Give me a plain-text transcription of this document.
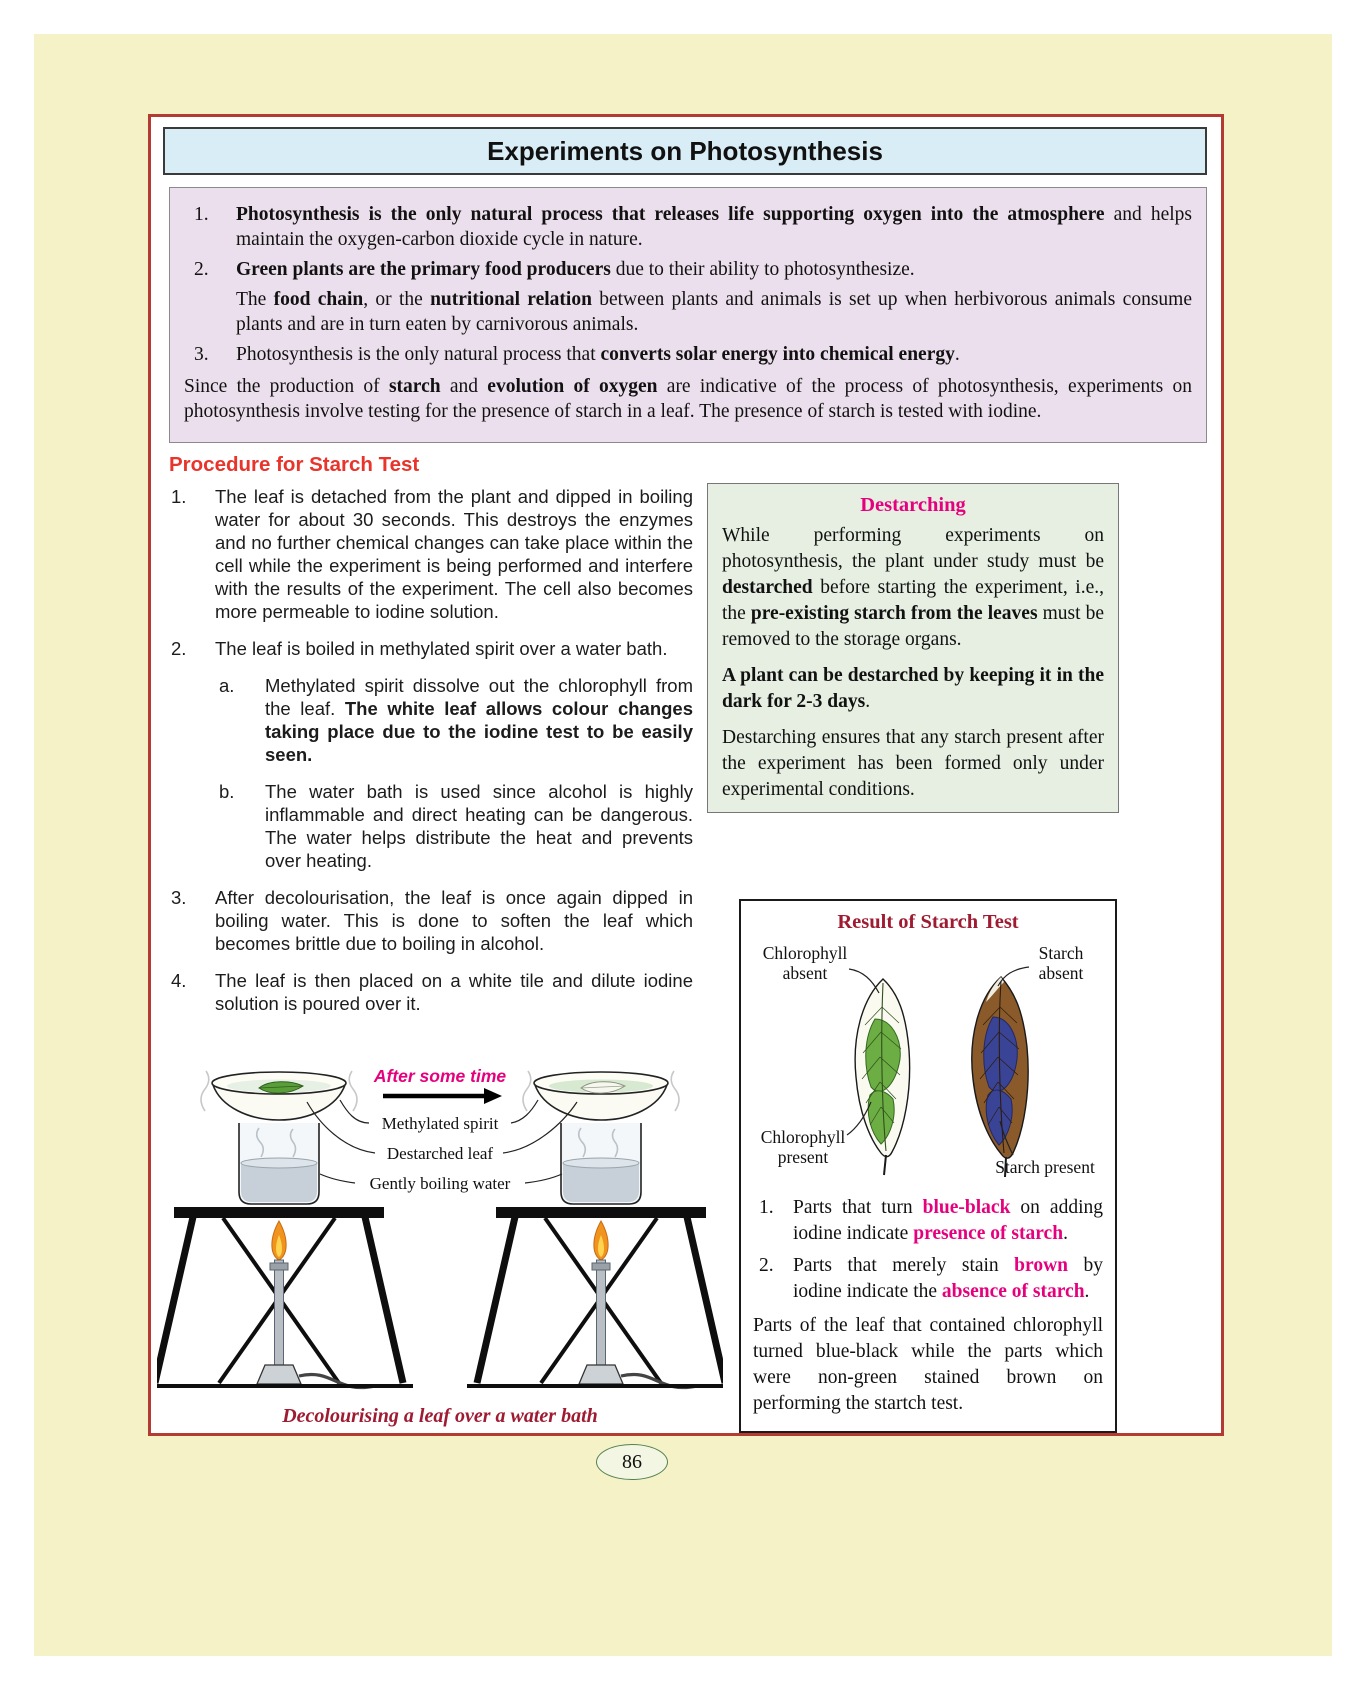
Experiments on Photosynthesis
1. Photosynthesis is the only natural process that releases life supporting oxygen into the atmosphere and helps maintain the oxygen-carbon dioxide cycle in nature.
2. Green plants are the primary food producers due to their ability to photosynthesize.
The food chain, or the nutritional relation between plants and animals is set up when herbivorous animals consume plants and are in turn eaten by carnivorous animals.
3. Photosynthesis is the only natural process that converts solar energy into chemical energy.
Since the production of starch and evolution of oxygen are indicative of the process of photosynthesis, experiments on photosynthesis involve testing for the presence of starch in a leaf. The presence of starch is tested with iodine.
Procedure for Starch Test
1. The leaf is detached from the plant and dipped in boiling water for about 30 seconds. This destroys the enzymes and no further chemical changes can take place within the cell while the experiment is being performed and interfere with the results of the experiment. The cell also becomes more permeable to iodine solution.
2. The leaf is boiled in methylated spirit over a water bath.
a. Methylated spirit dissolve out the chlorophyll from the leaf. The white leaf allows colour changes taking place due to the iodine test to be easily seen.
b. The water bath is used since alcohol is highly inflammable and direct heating can be dangerous. The water helps distribute the heat and prevents over heating.
3. After decolourisation, the leaf is once again dipped in boiling water. This is done to soften the leaf which becomes brittle due to boiling in alcohol.
4. The leaf is then placed on a white tile and dilute iodine solution is poured over it.
Destarching

While performing experiments on photosynthesis, the plant under study must be destarched before starting the experiment, i.e., the pre-existing starch from the leaves must be removed to the storage organs.

A plant can be destarched by keeping it in the dark for 2-3 days.

Destarching ensures that any starch present after the experiment has been formed only under experimental conditions.

After some time
Methylated spirit
Destarched leaf
Gently boiling water
Decolourising a leaf over a water bath
Result of Starch Test
Chlorophyll
absent
Starch
absent
Chlorophyll
present	Starch present
1. Parts that turn blue-black on adding iodine indicate presence of starch.
2. Parts that merely stain brown by iodine indicate the absence of starch.

Parts of the leaf that contained chlorophyll turned blue-black while the parts which were non-green stained brown on performing the startch test.

86
